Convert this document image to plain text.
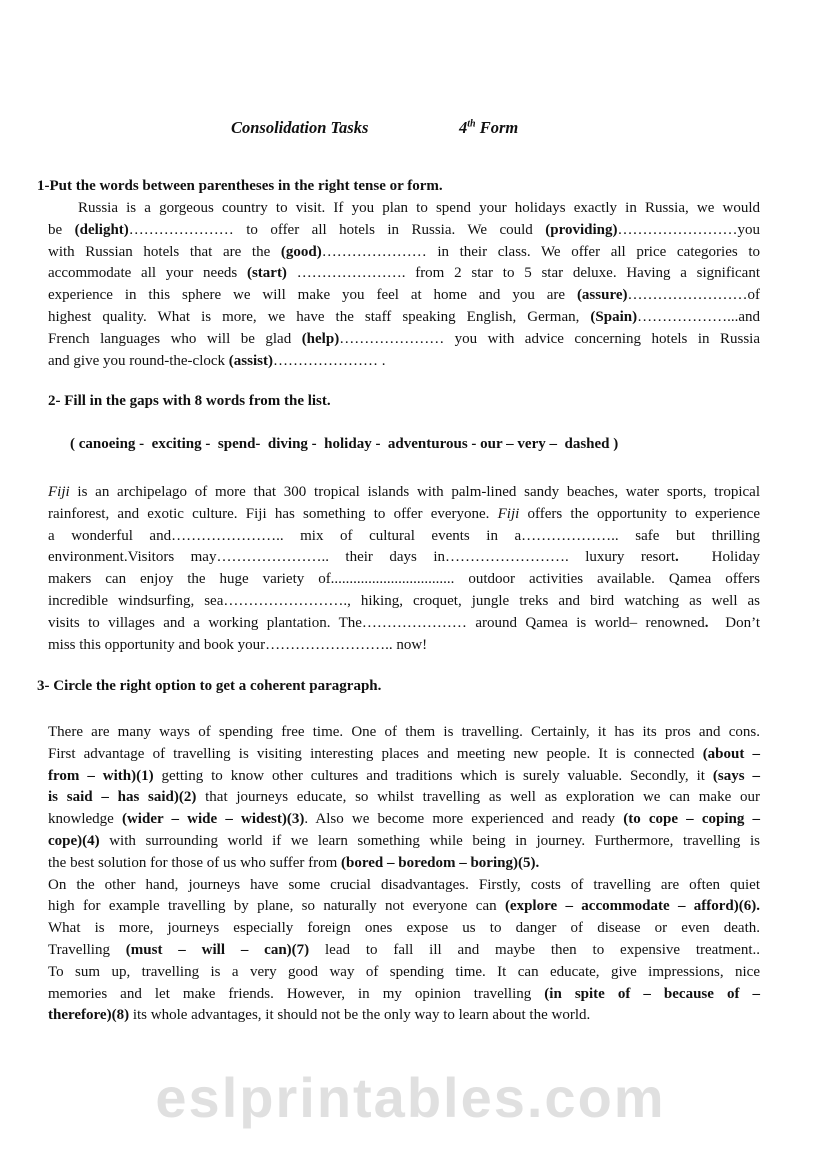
Consolidation Tasks	4th Form
1-Put the words between parentheses in the right tense or form.
Russia is a gorgeous country to visit. If you plan to spend your holidays exactly in Russia, we would
be (delight)………………… to offer all hotels in Russia. We could (providing)……………………you
with Russian hotels that are the (good)………………… in their class. We offer all price categories to
accommodate all your needs (start) …………………. from 2 star to 5 star deluxe. Having a significant
experience in this sphere we will make you feel at home and you are (assure)……………………of
highest quality. What is more, we have the staff speaking English, German, (Spain)………………...and
French languages who will be glad (help)………………… you with advice concerning hotels in Russia
and give you round-the-clock (assist)………………… .
2- Fill in the gaps with 8 words from the list.
( canoeing -  exciting -  spend-  diving -  holiday -  adventurous - our – very –  dashed )
Fiji is an archipelago of more that 300 tropical islands with palm-lined sandy beaches, water sports, tropical
rainforest, and exotic culture. Fiji has something to offer everyone. Fiji offers the opportunity to experience
a wonderful and………………….. mix of cultural events in a……………….. safe but thrilling
environment.Visitors may………………….. their days in……………………. luxury resort.  Holiday
makers can enjoy the huge variety of................................. outdoor activities available. Qamea offers
incredible windsurfing, sea……………………., hiking, croquet, jungle treks and bird watching as well as
visits to villages and a working plantation. The………………… around Qamea is world– renowned.  Don’t
miss this opportunity and book your…………………….. now!
3- Circle the right option to get a coherent paragraph.
There are many ways of spending free time. One of them is travelling. Certainly, it has its pros and cons.
First advantage of travelling is visiting interesting places and meeting new people. It is connected (about –
from – with)(1) getting to know other cultures and traditions which is surely valuable. Secondly, it (says –
is said – has said)(2) that journeys educate, so whilst travelling as well as exploration we can make our
knowledge (wider – wide – widest)(3). Also we become more experienced and ready (to cope – coping –
cope)(4) with surrounding world if we learn something while being in journey. Furthermore, travelling is
the best solution for those of us who suffer from (bored – boredom – boring)(5).
On the other hand, journeys have some crucial disadvantages. Firstly, costs of travelling are often quiet
high for example travelling by plane, so naturally not everyone can (explore – accommodate – afford)(6).
What is more, journeys especially foreign ones expose us to danger of disease or even death.
Travelling (must – will – can)(7) lead to fall ill and maybe then to expensive treatment..
To sum up, travelling is a very good way of spending time. It can educate, give impressions, nice
memories and let make friends. However, in my opinion travelling (in spite of – because of –
therefore)(8) its whole advantages, it should not be the only way to learn about the world.
eslprintables.com
